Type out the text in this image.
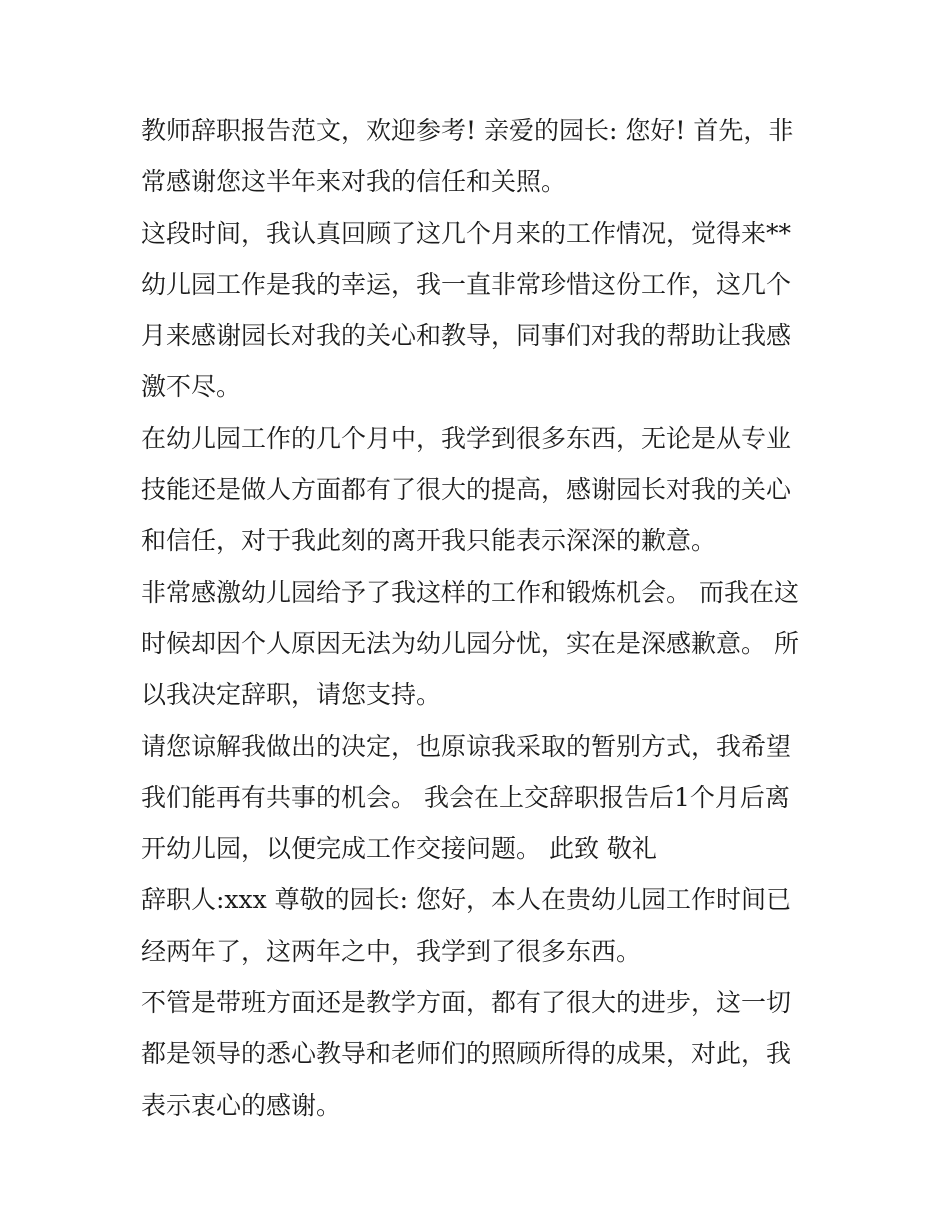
教师辞职报告范文，欢迎参考! 亲爱的园长: 您好! 首先，非常感谢您这半年来对我的信任和关照。

这段时间，我认真回顾了这几个月来的工作情况，觉得来**幼儿园工作是我的幸运，我一直非常珍惜这份工作，这几个月来感谢园长对我的关心和教导，同事们对我的帮助让我感激不尽。

在幼儿园工作的几个月中，我学到很多东西，无论是从专业技能还是做人方面都有了很大的提高，感谢园长对我的关心和信任，对于我此刻的离开我只能表示深深的歉意。

非常感激幼儿园给予了我这样的工作和锻炼机会。 而我在这时候却因个人原因无法为幼儿园分忧，实在是深感歉意。 所以我决定辞职，请您支持。

请您谅解我做出的决定，也原谅我采取的暂别方式，我希望我们能再有共事的机会。 我会在上交辞职报告后1个月后离开幼儿园，以便完成工作交接问题。 此致 敬礼

辞职人:xxx 尊敬的园长: 您好，本人在贵幼儿园工作时间已经两年了，这两年之中，我学到了很多东西。

不管是带班方面还是教学方面，都有了很大的进步，这一切都是领导的悉心教导和老师们的照顾所得的成果，对此，我表示衷心的感谢。
